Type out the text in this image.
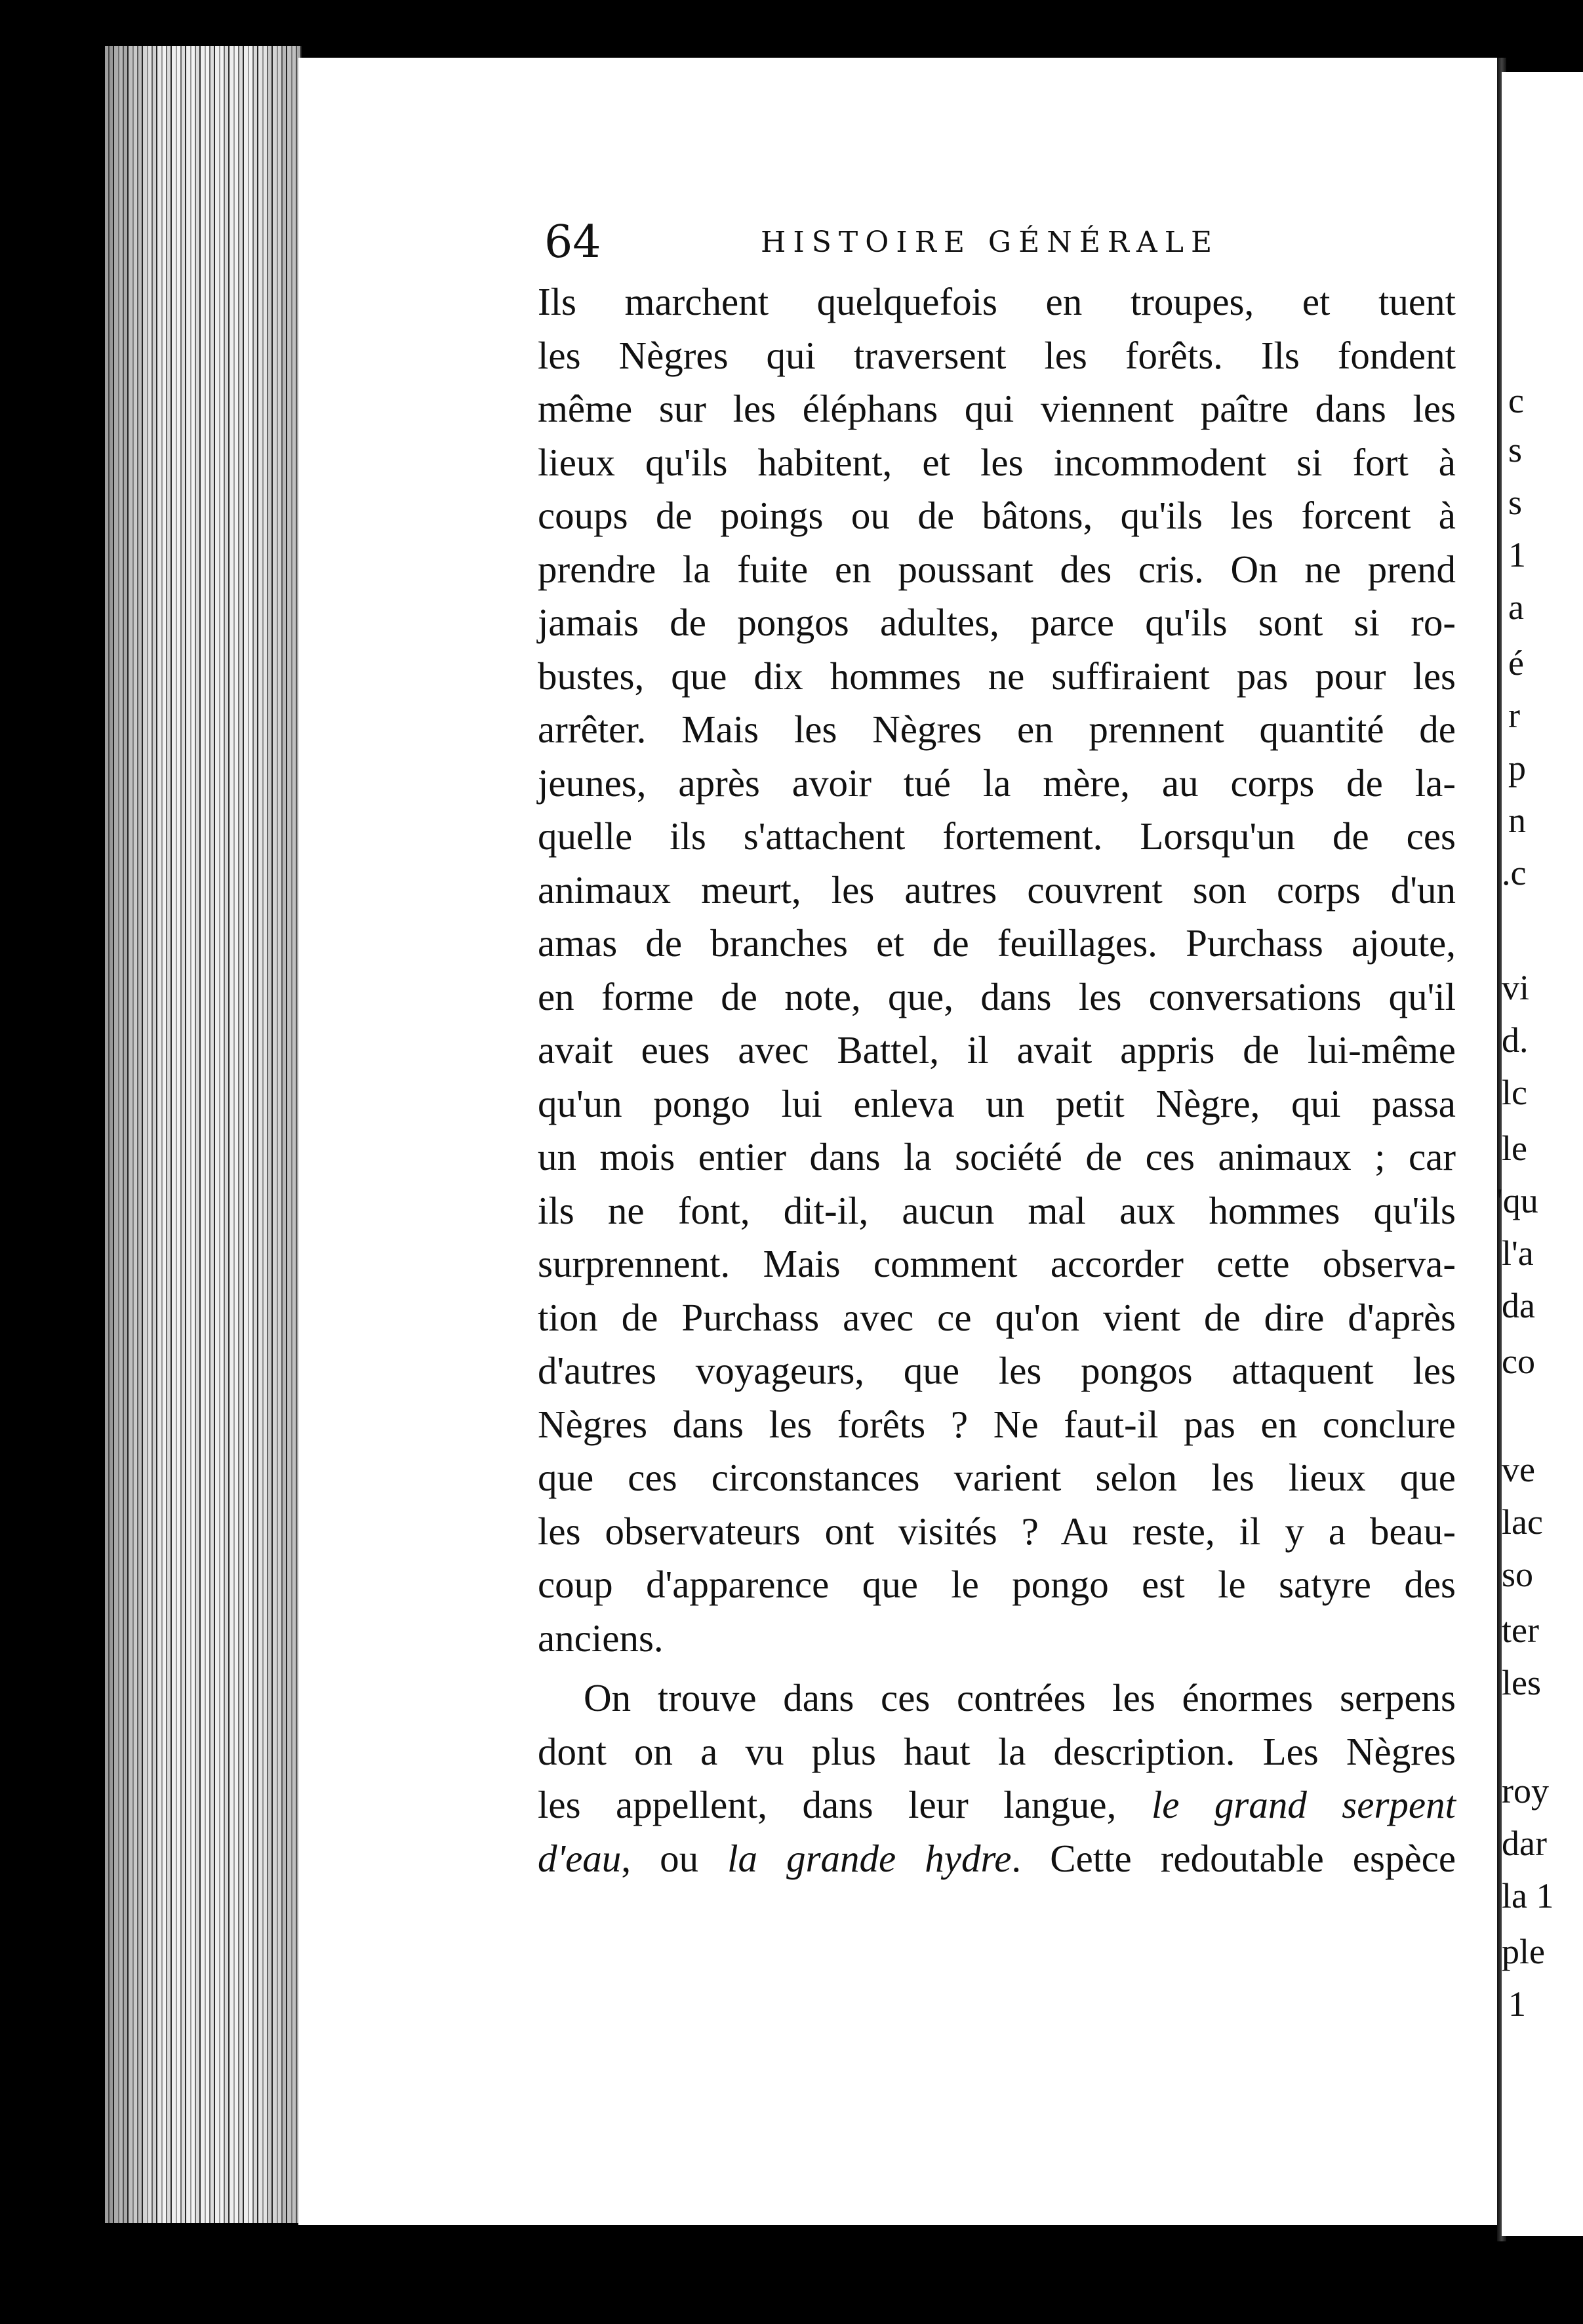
c
s
s
1
a
é
r
p
n
.c
vi
d.
lc
le
'qu
l'a
da
co
ve
lac
so
ter
les
roy
dar
la 1
ple
1
64	HISTOIRE GÉNÉRALE
Ils marchent quelquefois en troupes, et tuent
les Nègres qui traversent les forêts. Ils fondent
même sur les éléphans qui viennent paître dans les
lieux qu'ils habitent, et les incommodent si fort à
coups de poings ou de bâtons, qu'ils les forcent à
prendre la fuite en poussant des cris. On ne prend
jamais de pongos adultes, parce qu'ils sont si ro-
bustes, que dix hommes ne suffiraient pas pour les
arrêter. Mais les Nègres en prennent quantité de
jeunes, après avoir tué la mère, au corps de la-
quelle ils s'attachent fortement. Lorsqu'un de ces
animaux meurt, les autres couvrent son corps d'un
amas de branches et de feuillages. Purchass ajoute,
en forme de note, que, dans les conversations qu'il
avait eues avec Battel, il avait appris de lui-même
qu'un pongo lui enleva un petit Nègre, qui passa
un mois entier dans la société de ces animaux ; car
ils ne font, dit-il, aucun mal aux hommes qu'ils
surprennent. Mais comment accorder cette observa-
tion de Purchass avec ce qu'on vient de dire d'après
d'autres voyageurs, que les pongos attaquent les
Nègres dans les forêts ? Ne faut-il pas en conclure
que ces circonstances varient selon les lieux que
les observateurs ont visités ? Au reste, il y a beau-
coup d'apparence que le pongo est le satyre des
anciens.
On trouve dans ces contrées les énormes serpens
dont on a vu plus haut la description. Les Nègres
les appellent, dans leur langue, le grand serpent
d'eau, ou la grande hydre. Cette redoutable espèce
